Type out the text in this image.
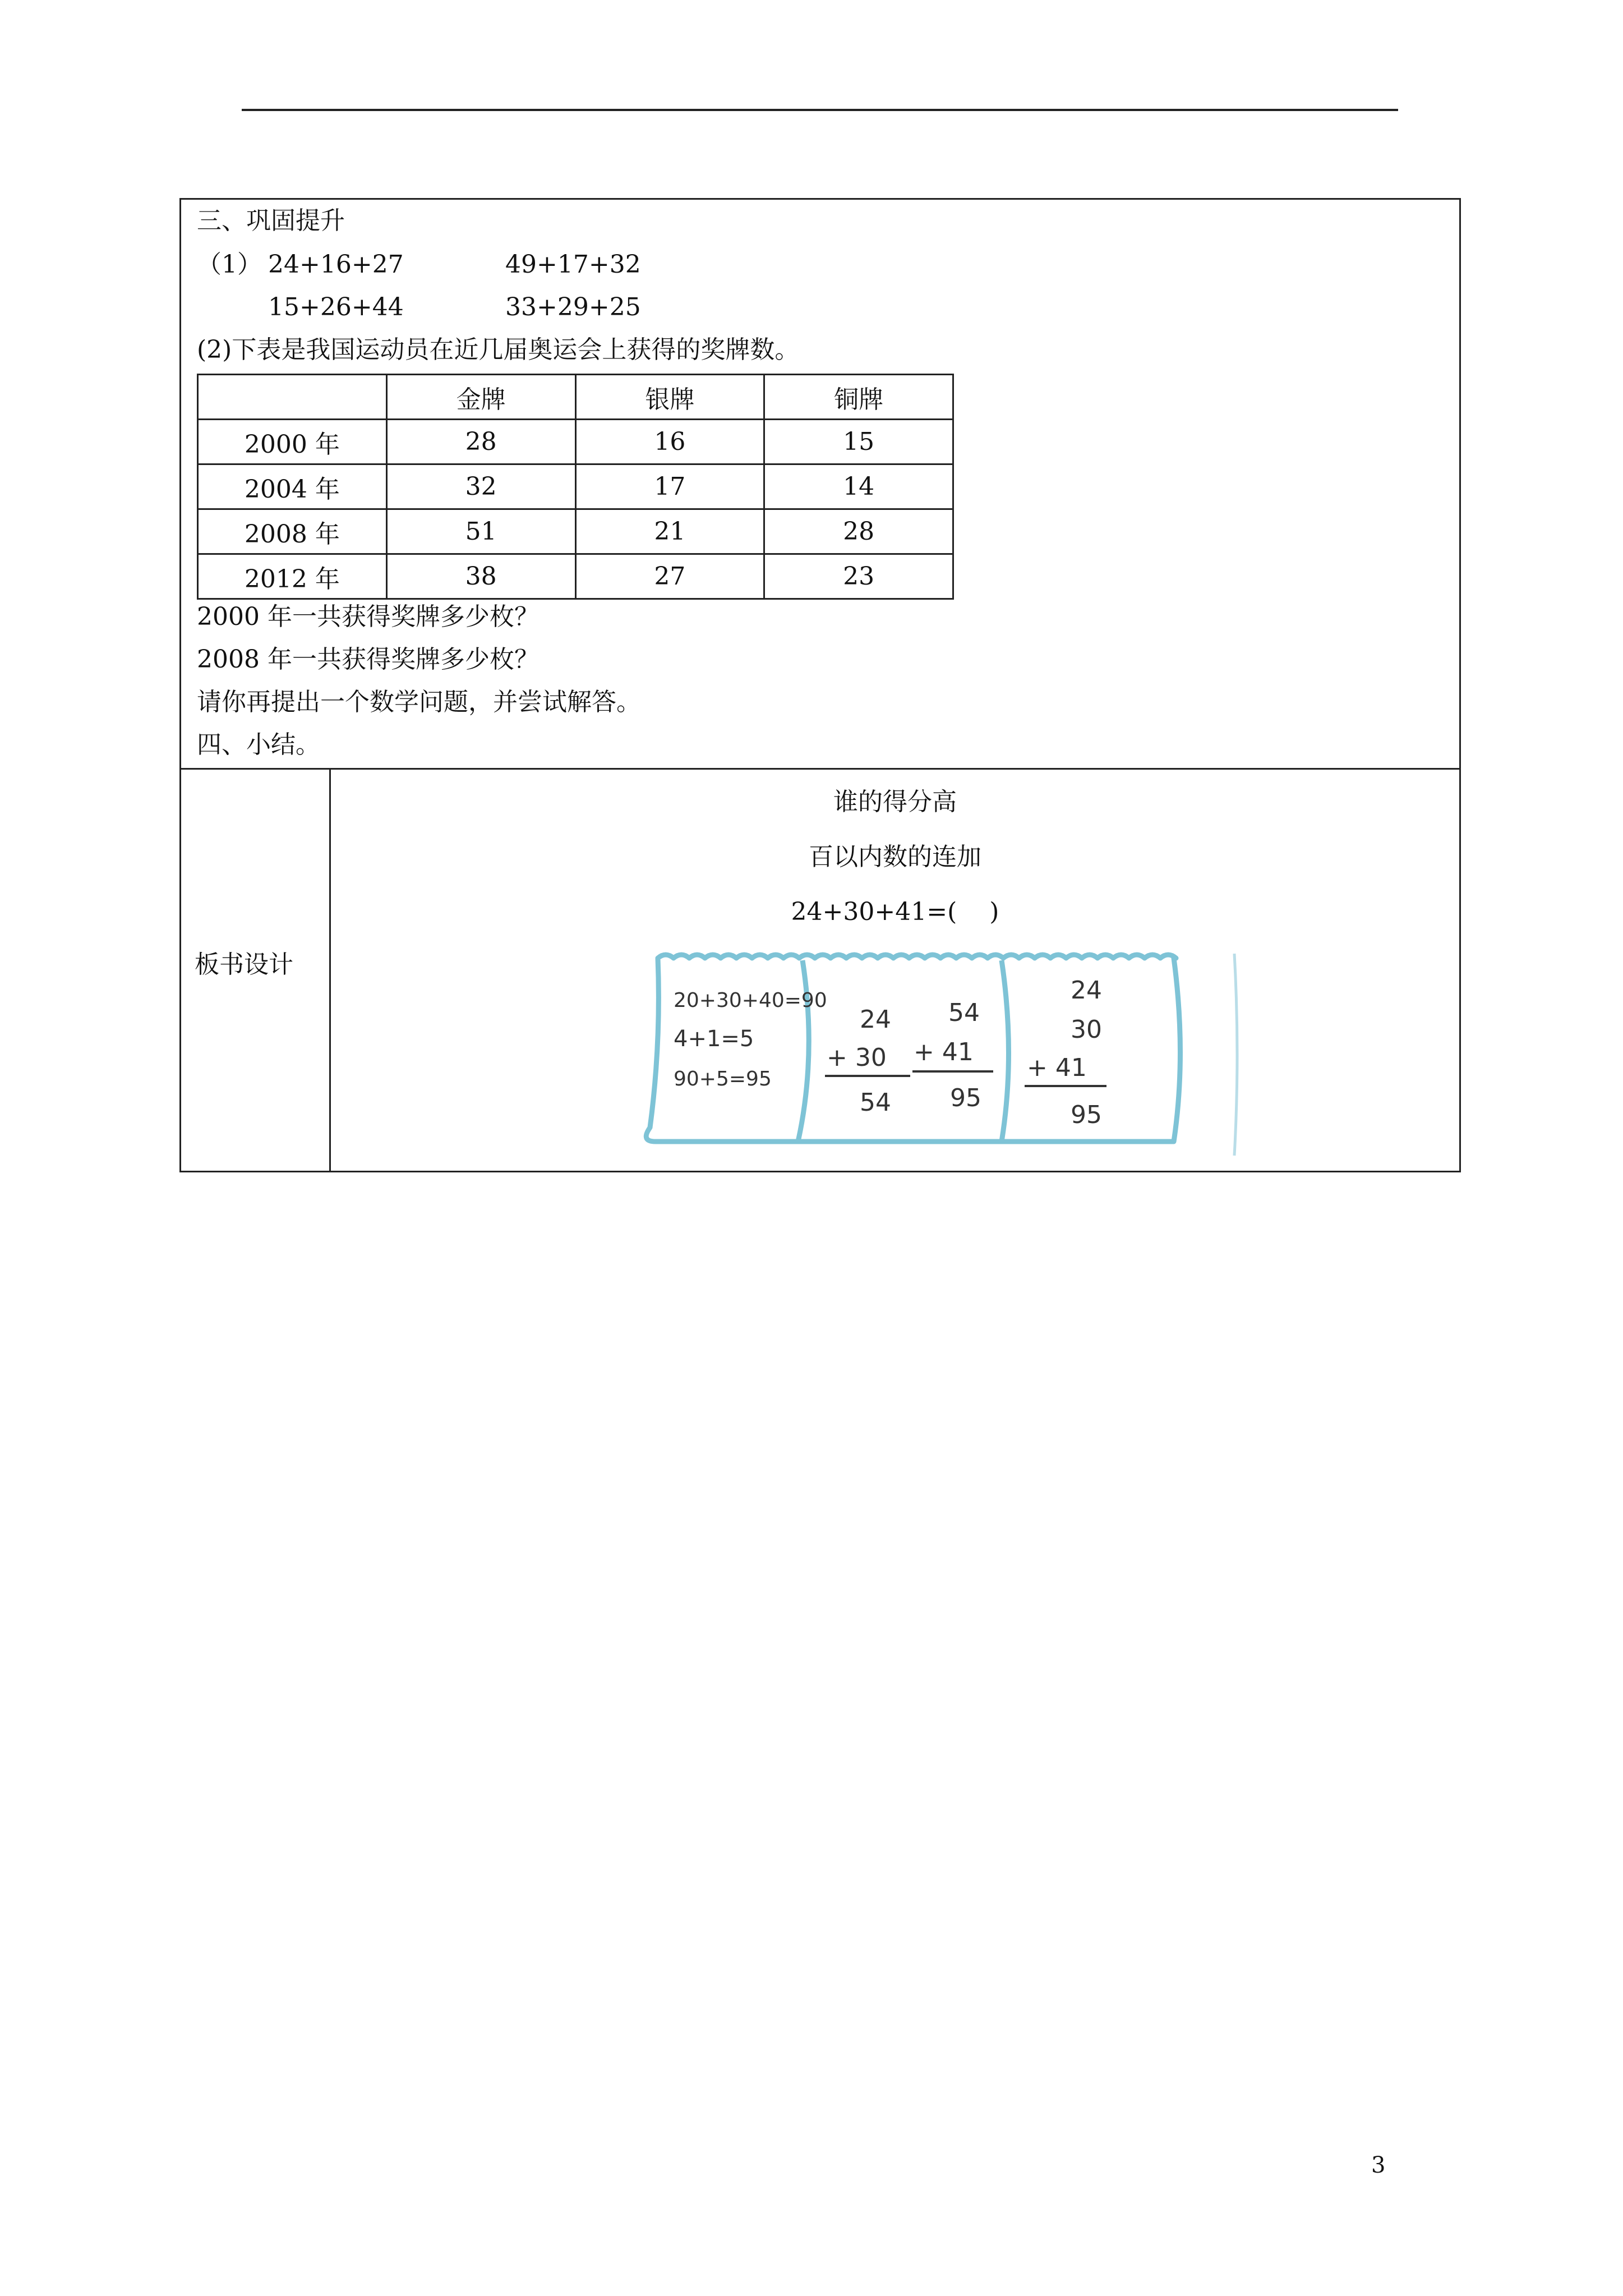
三、巩固提升
（1） 24+16+27	49+17+32
15+26+44	33+29+25
(2)下表是我国运动员在近几届奥运会上获得的奖牌数。
	金牌	银牌	铜牌
2000 年	28	16	15
2004 年	32	17	14
2008 年	51	21	28
2012 年	38	27	23
2000 年一共获得奖牌多少枚？
2008 年一共获得奖牌多少枚？
请你再提出一个数学问题，并尝试解答。
四、小结。
板书设计
谁的得分高
百以内数的连加
24+30+41=(　 )
20+30+40=90
4+1=5
90+5=95
24
+ 30
54
54
+ 41
95
24
30
+ 41
95
3
